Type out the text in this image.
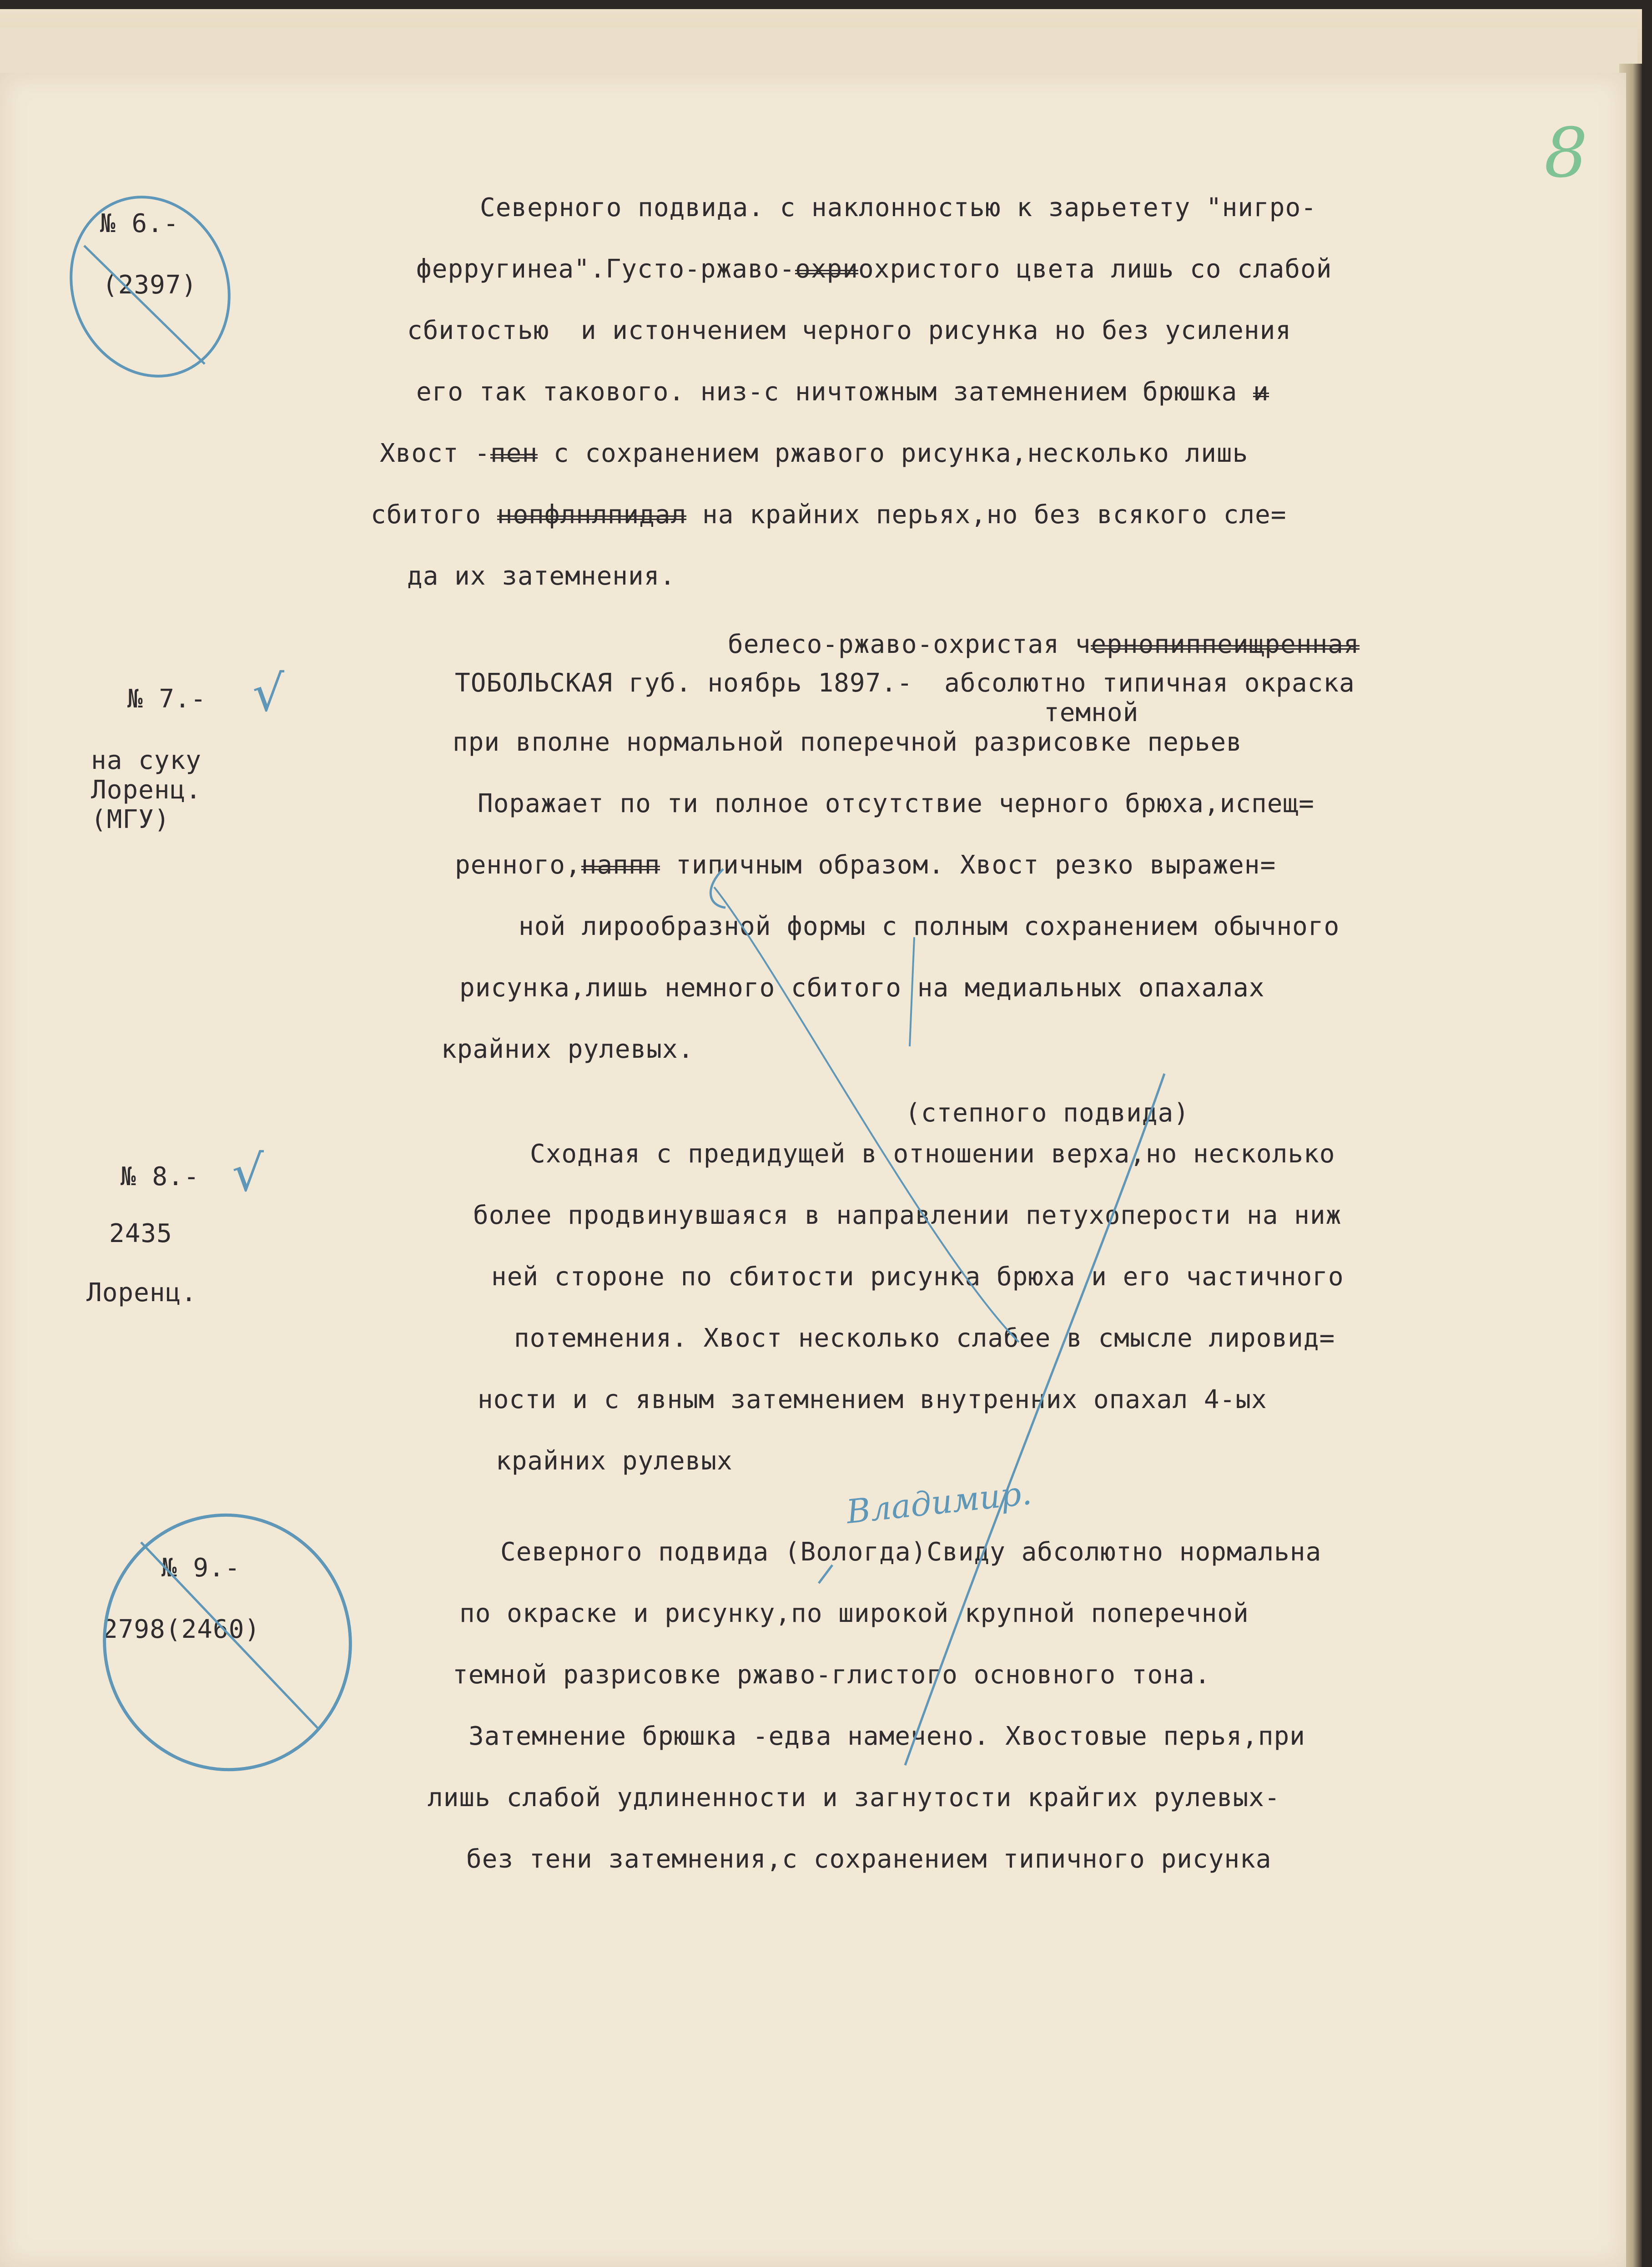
8
№ 6.-
(2397)
Северного подвида. с наклонностью к зарьетету "нигро-
ферругинеа".Густо-ржаво-охриохристого цвета лишь со слабой
сбитостью  и истончением черного рисунка но без усиления
его так такового. низ-с ничтожным затемнением брюшка и
Хвост -пен с сохранением ржавого рисунка,несколько лишь
сбитого нопфлнлпидал на крайних перьях,но без всякого сле=
да их затемнения.
белесо-ржаво-охристая чернопиппеищренная
№ 7.- √	ТОБОЛЬСКАЯ губ. ноябрь 1897.-  абсолютно типичная окраска
темной
на суку
Лоренц.
(МГУ)
при вполне нормальной поперечной разрисовке перьев
Поражает по ти полное отсутствие черного брюха,испещ=
ренного,наппп типичным образом. Хвост резко выражен=
ной лирообразной формы с полным сохранением обычного
рисунка,лишь немного сбитого на медиальных опахалах
крайних рулевых.
(степного подвида)
№ 8.- √
2435
Лоренц.
Сходная с предидущей в отношении верха,но несколько
более продвинувшаяся в направлении петухоперости на ниж
ней стороне по сбитости рисунка брюха и его частичного
потемнения. Хвост несколько слабее в смысле лировид=
ности и с явным затемнением внутренних опахал 4-ых
крайних рулевых
Владимир.
№ 9.-
2798(2460)
Северного подвида (Вологда)Свиду абсолютно нормальна
по окраске и рисунку,по широкой крупной поперечной
темной разрисовке ржаво-глистого основного тона.
Затемнение брюшка -едва намечено. Хвостовые перья,при
лишь слабой удлиненности и загнутости крайгих рулевых-
без тени затемнения,с сохранением типичного рисунка
